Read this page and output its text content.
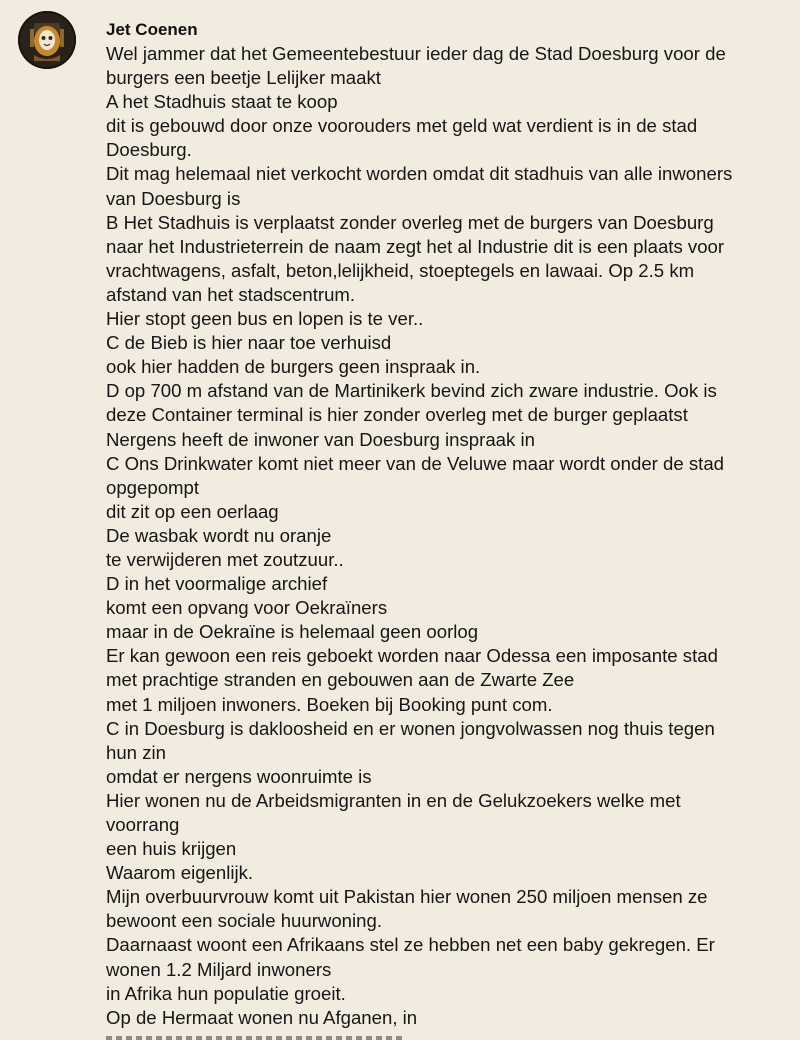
Jet Coenen
Wel jammer dat het Gemeentebestuur ieder dag de Stad Doesburg voor de
burgers een beetje Lelijker maakt
A het Stadhuis staat te koop
dit is gebouwd door onze voorouders met geld wat verdient is in de stad
Doesburg.
Dit mag helemaal niet verkocht worden omdat dit stadhuis van alle inwoners
van Doesburg is
B Het Stadhuis is verplaatst zonder overleg met de burgers van Doesburg
naar het Industrieterrein de naam zegt het al Industrie dit is een plaats voor
vrachtwagens, asfalt, beton,lelijkheid, stoeptegels en lawaai. Op 2.5 km
afstand van het stadscentrum.
Hier stopt geen bus en lopen is te ver..
C de Bieb is hier naar toe verhuisd
ook hier hadden de burgers geen inspraak in.
D op 700 m afstand van de Martinikerk bevind zich zware industrie. Ook is
deze Container terminal is hier zonder overleg met de burger geplaatst
Nergens heeft de inwoner van Doesburg inspraak in
C Ons Drinkwater komt niet meer van de Veluwe maar wordt onder de stad
opgepompt
dit zit op een oerlaag
De wasbak wordt nu oranje
te verwijderen met zoutzuur..
D in het voormalige archief
komt een opvang voor Oekraïners
maar in de Oekraïne is helemaal geen oorlog
Er kan gewoon een reis geboekt worden naar Odessa een imposante stad
met prachtige stranden en gebouwen aan de Zwarte Zee
met 1 miljoen inwoners. Boeken bij Booking punt com.
C in Doesburg is dakloosheid en er wonen jongvolwassen nog thuis tegen
hun zin
omdat er nergens woonruimte is
Hier wonen nu de Arbeidsmigranten in en de Gelukzoekers welke met
voorrang
een huis krijgen
Waarom eigenlijk.
Mijn overbuurvrouw komt uit Pakistan hier wonen 250 miljoen mensen ze
bewoont een sociale huurwoning.
Daarnaast woont een Afrikaans stel ze hebben net een baby gekregen. Er
wonen 1.2 Miljard inwoners
in Afrika hun populatie groeit.
Op de Hermaat wonen nu Afganen, in
